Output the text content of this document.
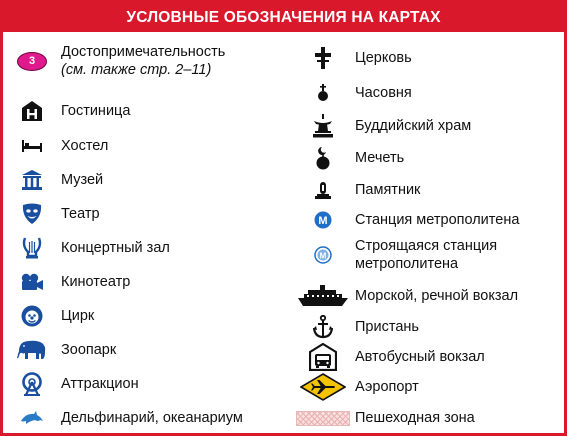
УСЛОВНЫЕ ОБОЗНАЧЕНИЯ НА КАРТАХ
3
Достопримечательность
(см. также стр. 2–11)
Гостиница
Хостел
Музей
Театр
Концертный зал
Кинотеатр
Цирк
Зоопарк
Аттракцион
Дельфинарий, океанариум
Церковь
Часовня
Буддийский храм
Мечеть
Памятник
M Станция метрополитена
M
Строящаяся станция
метрополитена
Морской, речной вокзал
Пристань
Автобусный вокзал
Аэропорт
Пешеходная зона
